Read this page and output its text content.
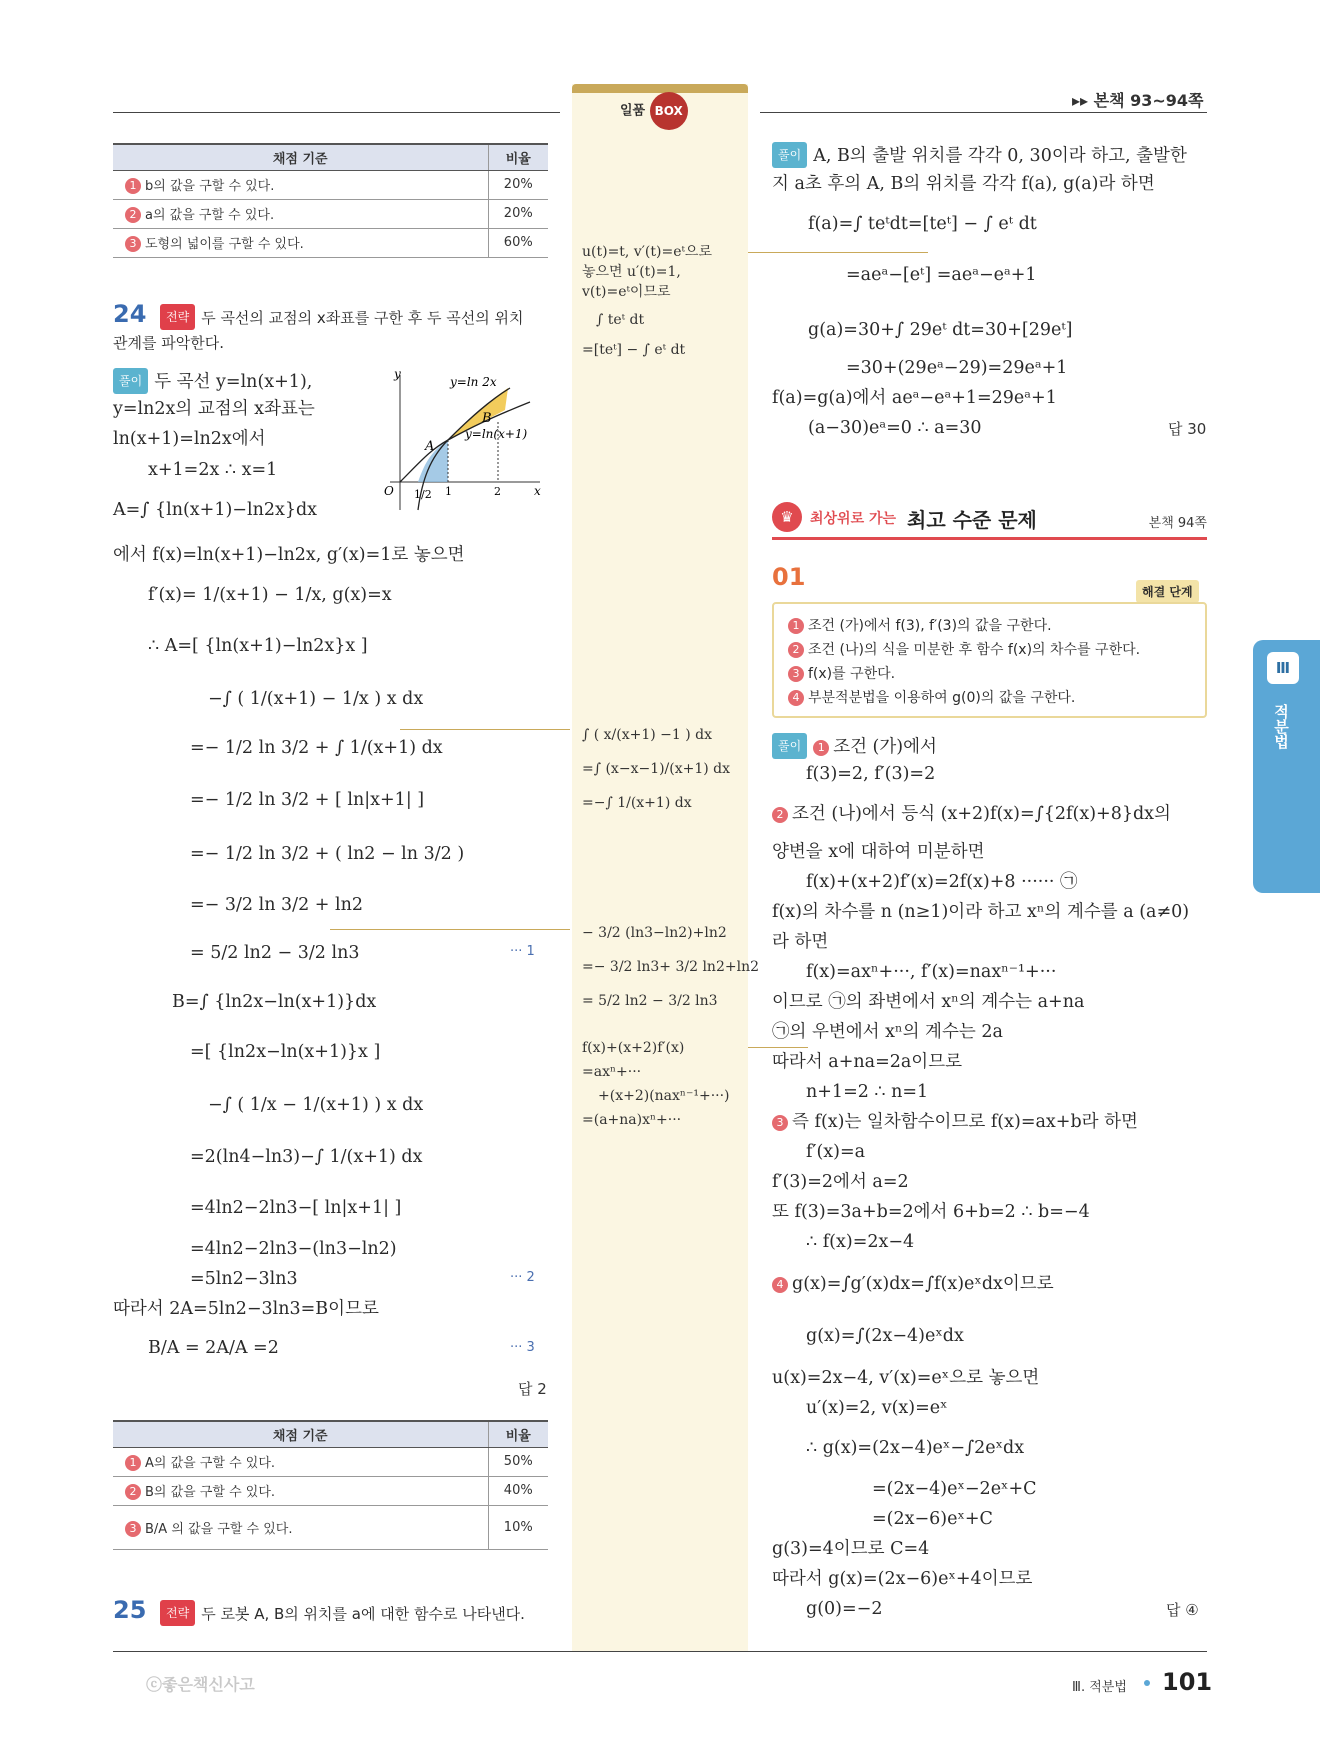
일품 BOX
▸▸ 본책 93~94쪽
채점 기준	비율
1 b의 값을 구할 수 있다.	20%
2 a의 값을 구할 수 있다.	20%
3 도형의 넓이를 구할 수 있다.	60%
24	전략 두 곡선의 교점의 x좌표를 구한 후 두 곡선의 위치
관계를 파악한다.
풀이 두 곡선 y=ln(x+1),
y=ln2x의 교점의 x좌표는
ln(x+1)=ln2x에서
x+1=2x ∴ x=1
A=∫ {ln(x+1)−ln2x}dx
에서 f(x)=ln(x+1)−ln2x, g′(x)=1로 놓으면
f′(x)= 1/(x+1) − 1/x, g(x)=x
∴ A=[ {ln(x+1)−ln2x}x ]
−∫ ( 1/(x+1) − 1/x ) x dx
=− 1/2 ln 3/2 + ∫ 1/(x+1) dx
=− 1/2 ln 3/2 + [ ln|x+1| ]
=− 1/2 ln 3/2 + ( ln2 − ln 3/2 )
=− 3/2 ln 3/2 + ln2
= 5/2 ln2 − 3/2 ln3	··· 1
B=∫ {ln2x−ln(x+1)}dx
=[ {ln2x−ln(x+1)}x ]
−∫ ( 1/x − 1/(x+1) ) x dx
=2(ln4−ln3)−∫ 1/(x+1) dx
=4ln2−2ln3−[ ln|x+1| ]
=4ln2−2ln3−(ln3−ln2)
=5ln2−3ln3	··· 2
따라서 2A=5ln2−3ln3=B이므로
B/A = 2A/A =2	··· 3
답 2
y=ln 2x
y=ln(x+1)
A
B
O	x
y
1/2 1	2
채점 기준	비율
1 A의 값을 구할 수 있다.	50%
2 B의 값을 구할 수 있다.	40%
3 B/A 의 값을 구할 수 있다.	10%
25	전략 두 로봇 A, B의 위치를 a에 대한 함수로 나타낸다.
u(t)=t, v′(t)=eᵗ으로
놓으면 u′(t)=1,
v(t)=eᵗ이므로
∫ teᵗ dt
=[teᵗ] − ∫ eᵗ dt
∫ ( x/(x+1) −1 ) dx
=∫ (x−x−1)/(x+1) dx
=−∫ 1/(x+1) dx
− 3/2 (ln3−ln2)+ln2
=− 3/2 ln3+ 3/2 ln2+ln2
= 5/2 ln2 − 3/2 ln3
f(x)+(x+2)f′(x)
=axⁿ+···
+(x+2)(naxⁿ⁻¹+···)
=(a+na)xⁿ+···
풀이 A, B의 출발 위치를 각각 0, 30이라 하고, 출발한
지 a초 후의 A, B의 위치를 각각 f(a), g(a)라 하면
f(a)=∫ teᵗdt=[teᵗ] − ∫ eᵗ dt
=aeᵃ−[eᵗ] =aeᵃ−eᵃ+1
g(a)=30+∫ 29eᵗ dt=30+[29eᵗ]
=30+(29eᵃ−29)=29eᵃ+1
f(a)=g(a)에서 aeᵃ−eᵃ+1=29eᵃ+1
(a−30)eᵃ=0 ∴ a=30	답 30
♛	최상위로 가는 최고 수준 문제	본책 94쪽
01
해결 단계
1 조건 (가)에서 f(3), f′(3)의 값을 구한다.
2 조건 (나)의 식을 미분한 후 함수 f(x)의 차수를 구한다.
3 f(x)를 구한다.
4 부분적분법을 이용하여 g(0)의 값을 구한다.
풀이 1 조건 (가)에서
f(3)=2, f′(3)=2
2 조건 (나)에서 등식 (x+2)f(x)=∫{2f(x)+8}dx의
양변을 x에 대하여 미분하면
f(x)+(x+2)f′(x)=2f(x)+8 ······ ㉠
f(x)의 차수를 n (n≥1)이라 하고 xⁿ의 계수를 a (a≠0)
라 하면
f(x)=axⁿ+···, f′(x)=naxⁿ⁻¹+···
이므로 ㉠의 좌변에서 xⁿ의 계수는 a+na
㉠의 우변에서 xⁿ의 계수는 2a
따라서 a+na=2a이므로
n+1=2 ∴ n=1
3 즉 f(x)는 일차함수이므로 f(x)=ax+b라 하면
f′(x)=a
f′(3)=2에서 a=2
또 f(3)=3a+b=2에서 6+b=2 ∴ b=−4
∴ f(x)=2x−4
4 g(x)=∫g′(x)dx=∫f(x)eˣdx이므로
g(x)=∫(2x−4)eˣdx
u(x)=2x−4, v′(x)=eˣ으로 놓으면
u′(x)=2, v(x)=eˣ
∴ g(x)=(2x−4)eˣ−∫2eˣdx
=(2x−4)eˣ−2eˣ+C
=(2x−6)eˣ+C
g(3)=4이므로 C=4
따라서 g(x)=(2x−6)eˣ+4이므로
g(0)=−2	답 ④
Ⅲ
적분법
ⓒ좋은책신사고	Ⅲ. 적분법 101
